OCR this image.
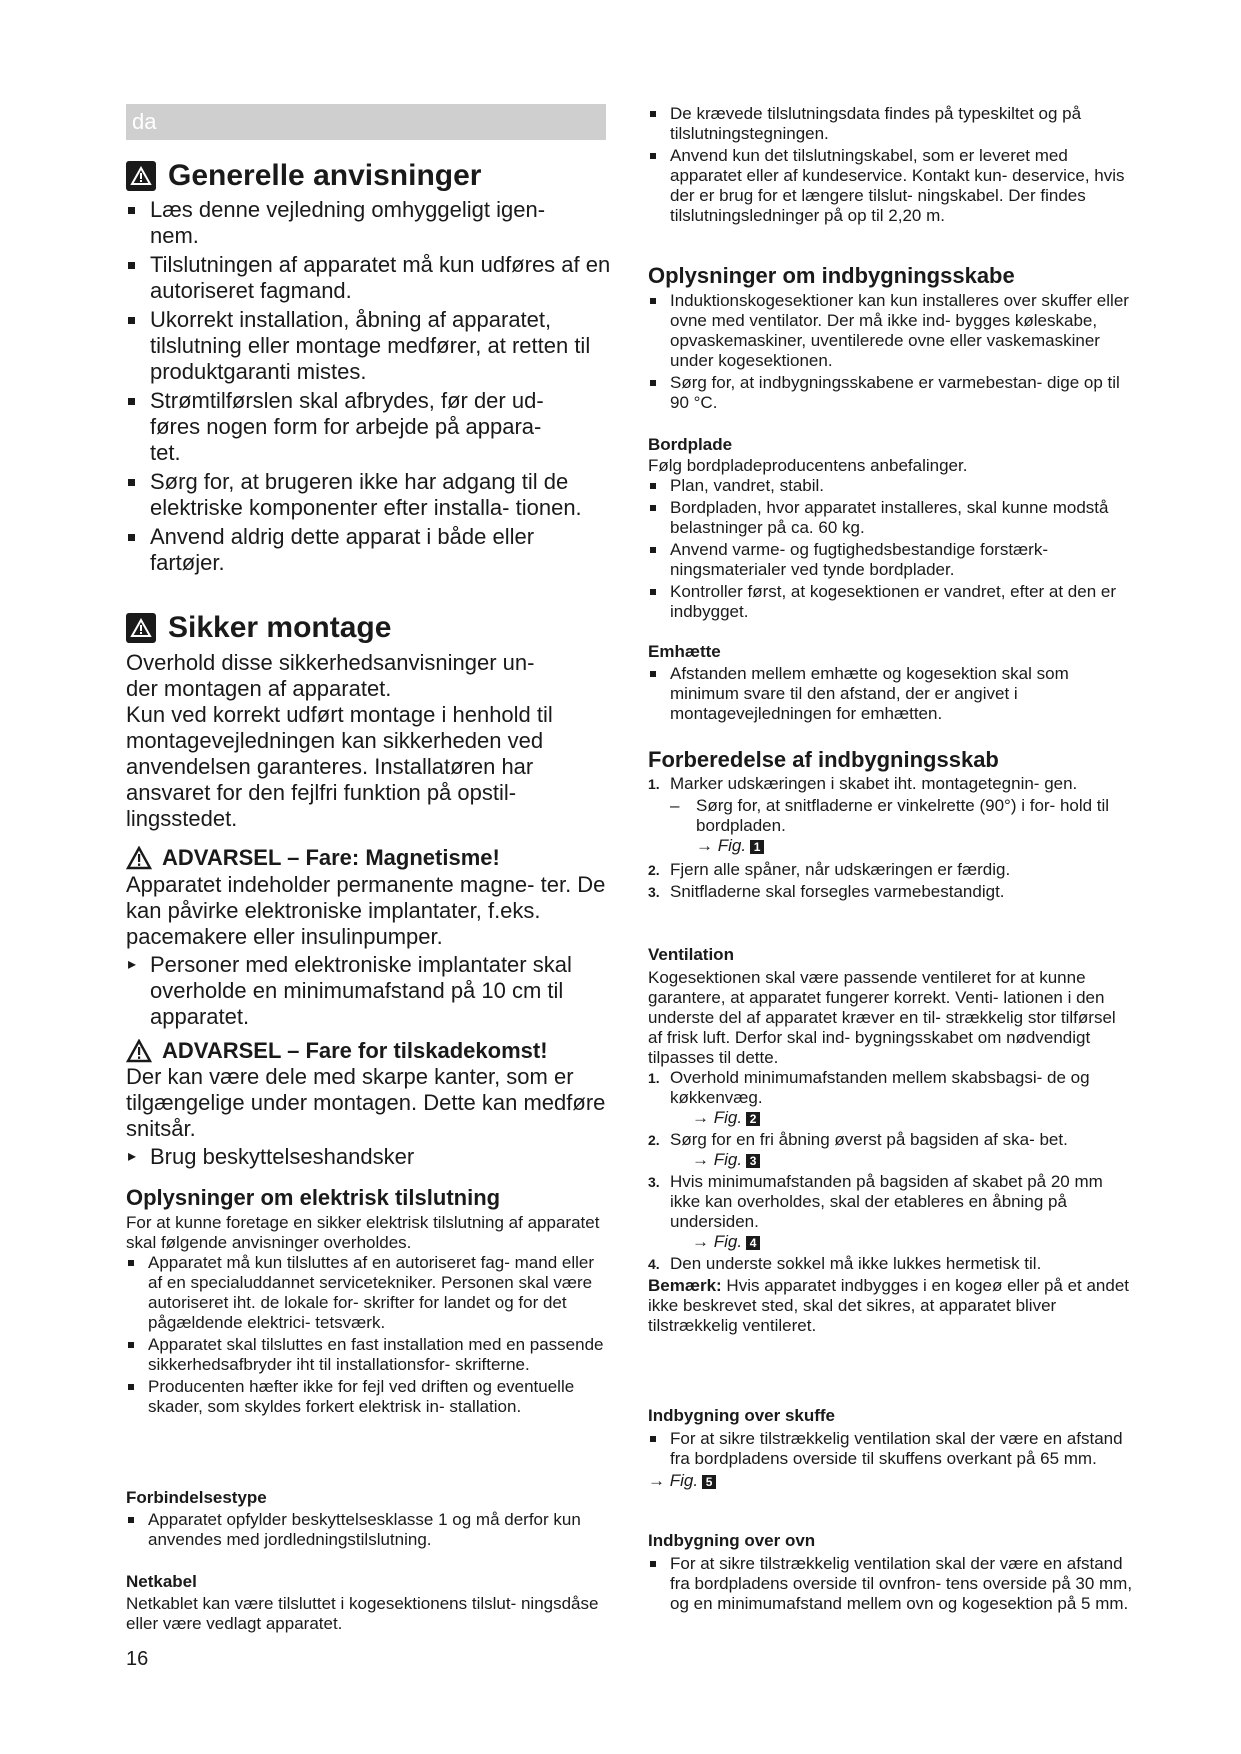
da
Generelle anvisninger
Læs denne vejledning omhyggeligt igen-
nem.
Tilslutningen af apparatet må kun udføres af en autoriseret fagmand.
Ukorrekt installation, åbning af apparatet, tilslutning eller montage medfører, at retten til produktgaranti mistes.
Strømtilførslen skal afbrydes, før der ud-
føres nogen form for arbejde på appara-
tet.
Sørg for, at brugeren ikke har adgang til de elektriske komponenter efter installa- tionen.
Anvend aldrig dette apparat i både eller fartøjer.
Sikker montage
Overhold disse sikkerhedsanvisninger un-
der montagen af apparatet.
Kun ved korrekt udført montage i henhold til montagevejledningen kan sikkerheden ved anvendelsen garanteres. Installatøren har ansvaret for den fejlfri funktion på opstil- lingsstedet.
ADVARSEL – Fare: Magnetisme!
Apparatet indeholder permanente magne- ter. De kan påvirke elektroniske implantater, f.eks. pacemakere eller insulinpumper.
▸ Personer med elektroniske implantater skal overholde en minimumafstand på 10 cm til apparatet.
ADVARSEL – Fare for tilskadekomst!
Der kan være dele med skarpe kanter, som er tilgængelige under montagen. Dette kan medføre snitsår.
▸ Brug beskyttelseshandsker
Oplysninger om elektrisk tilslutning
For at kunne foretage en sikker elektrisk tilslutning af apparatet skal følgende anvisninger overholdes.
Apparatet må kun tilsluttes af en autoriseret fag- mand eller af en specialuddannet servicetekniker. Personen skal være autoriseret iht. de lokale for- skrifter for landet og for det pågældende elektrici- tetsværk.
Apparatet skal tilsluttes en fast installation med en passende sikkerhedsafbryder iht til installationsfor- skrifterne.
Producenten hæfter ikke for fejl ved driften og eventuelle skader, som skyldes forkert elektrisk in- stallation.
Forbindelsestype
Apparatet opfylder beskyttelsesklasse 1 og må derfor kun anvendes med jordledningstilslutning.
Netkabel
Netkablet kan være tilsluttet i kogesektionens tilslut- ningsdåse eller være vedlagt apparatet.
16
De krævede tilslutningsdata findes på typeskiltet og på tilslutningstegningen.
Anvend kun det tilslutningskabel, som er leveret med apparatet eller af kundeservice. Kontakt kun- deservice, hvis der er brug for et længere tilslut- ningskabel. Der findes tilslutningsledninger på op til 2,20 m.
Oplysninger om indbygningsskabe
Induktionskogesektioner kan kun installeres over skuffer eller ovne med ventilator. Der må ikke ind- bygges køleskabe, opvaskemaskiner, uventilerede ovne eller vaskemaskiner under kogesektionen.
Sørg for, at indbygningsskabene er varmebestan- dige op til 90 °C.
Bordplade
Følg bordpladeproducentens anbefalinger.
Plan, vandret, stabil.
Bordpladen, hvor apparatet installeres, skal kunne modstå belastninger på ca. 60 kg.
Anvend varme- og fugtighedsbestandige forstærk- ningsmaterialer ved tynde bordplader.
Kontroller først, at kogesektionen er vandret, efter at den er indbygget.
Emhætte
Afstanden mellem emhætte og kogesektion skal som minimum svare til den afstand, der er angivet i montagevejledningen for emhætten.
Forberedelse af indbygningsskab
1. Marker udskæringen i skabet iht. montagetegnin- gen.
– Sørg for, at snitfladerne er vinkelrette (90°) i for- hold til bordpladen.
→ Fig. 1
2. Fjern alle spåner, når udskæringen er færdig.
3. Snitfladerne skal forsegles varmebestandigt.
Ventilation
Kogesektionen skal være passende ventileret for at kunne garantere, at apparatet fungerer korrekt. Venti- lationen i den underste del af apparatet kræver en til- strækkelig stor tilførsel af frisk luft. Derfor skal ind- bygningsskabet om nødvendigt tilpasses til dette.
1. Overhold minimumafstanden mellem skabsbagsi- de og køkkenvæg.
→ Fig. 2
2. Sørg for en fri åbning øverst på bagsiden af ska- bet.
→ Fig. 3
3. Hvis minimumafstanden på bagsiden af skabet på 20 mm ikke kan overholdes, skal der etableres en åbning på undersiden.
→ Fig. 4
4. Den underste sokkel må ikke lukkes hermetisk til.
Bemærk: Hvis apparatet indbygges i en kogeø eller på et andet ikke beskrevet sted, skal det sikres, at apparatet bliver tilstrækkelig ventileret.
Indbygning over skuffe
For at sikre tilstrækkelig ventilation skal der være en afstand fra bordpladens overside til skuffens overkant på 65 mm.
→ Fig. 5
Indbygning over ovn
For at sikre tilstrækkelig ventilation skal der være en afstand fra bordpladens overside til ovnfron- tens overside på 30 mm, og en minimumafstand mellem ovn og kogesektion på 5 mm.
